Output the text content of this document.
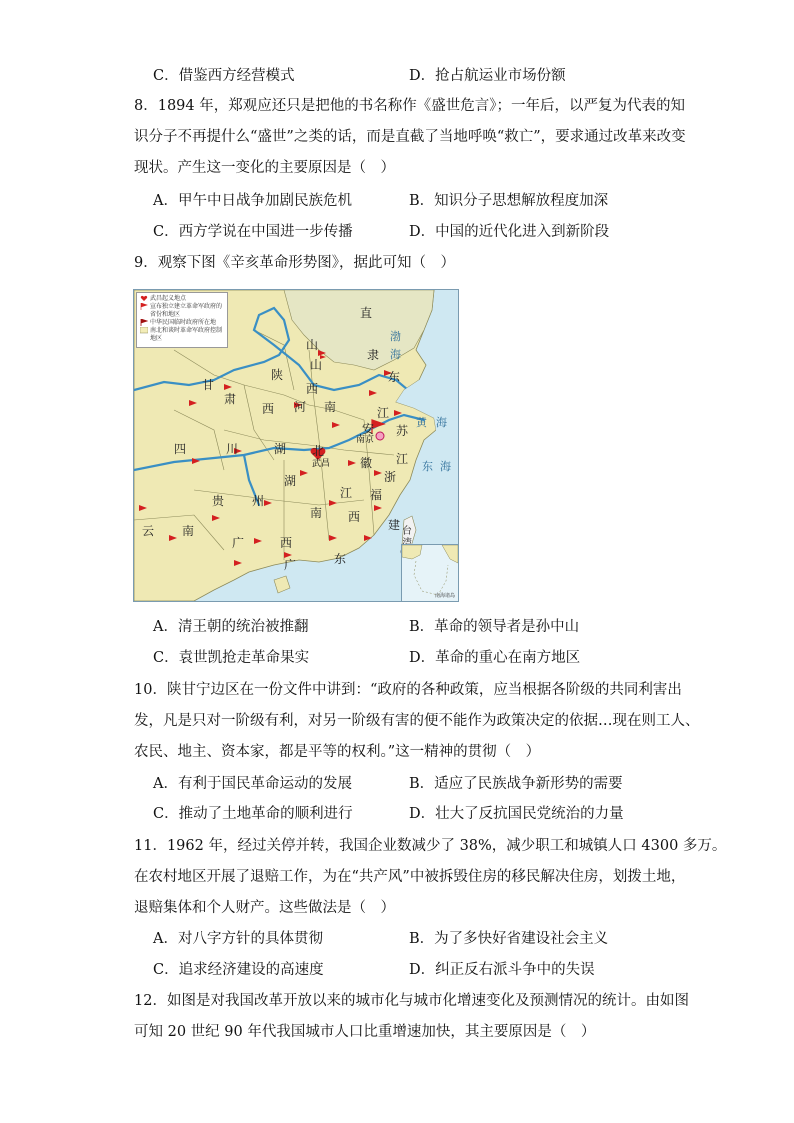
C．借鉴西方经营模式	D．抢占航运业市场份额
8．1894 年，郑观应还只是把他的书名称作《盛世危言》；一年后，以严复为代表的知
识分子不再提什么“盛世”之类的话，而是直截了当地呼唤“救亡”，要求通过改革来改变
现状。产生这一变化的主要原因是（　）
A．甲午中日战争加剧民族危机	B．知识分子思想解放程度加深
C．西方学说在中国进一步传播	D．中国的近代化进入到新阶段
9．观察下图《辛亥革命形势图》，据此可知（　）
武昌起义地点
宣布独立建立革命军政府的省份和地区
中华民国临时政府所在地
南北和谈时革命军政府控制地区
直
隶
山
东
山
西
陕
西
甘
肃
河 南	江
苏
安
徽
四	川	湖 北
湖
南
江
西
浙
江
福
建
贵 州
云 南
广	西
广	东
渤
海
黄 海
东 海
南京
武昌
台
南海诸岛
A．清王朝的统治被推翻	B．革命的领导者是孙中山
C．袁世凯抢走革命果实	D．革命的重心在南方地区
10．陕甘宁边区在一份文件中讲到：“政府的各种政策，应当根据各阶级的共同利害出
发，凡是只对一阶级有利，对另一阶级有害的便不能作为政策决定的依据…现在则工人、
农民、地主、资本家，都是平等的权利。”这一精神的贯彻（　）
A．有利于国民革命运动的发展	B．适应了民族战争新形势的需要
C．推动了土地革命的顺利进行	D．壮大了反抗国民党统治的力量
11．1962 年，经过关停并转，我国企业数减少了 38%，减少职工和城镇人口 4300 多万。
在农村地区开展了退赔工作，为在“共产风”中被拆毁住房的移民解决住房，划拨土地，
退赔集体和个人财产。这些做法是（　）
A．对八字方针的具体贯彻	B．为了多快好省建设社会主义
C．追求经济建设的高速度	D．纠正反右派斗争中的失误
12．如图是对我国改革开放以来的城市化与城市化增速变化及预测情况的统计。由如图
可知 20 世纪 90 年代我国城市人口比重增速加快，其主要原因是（　）
